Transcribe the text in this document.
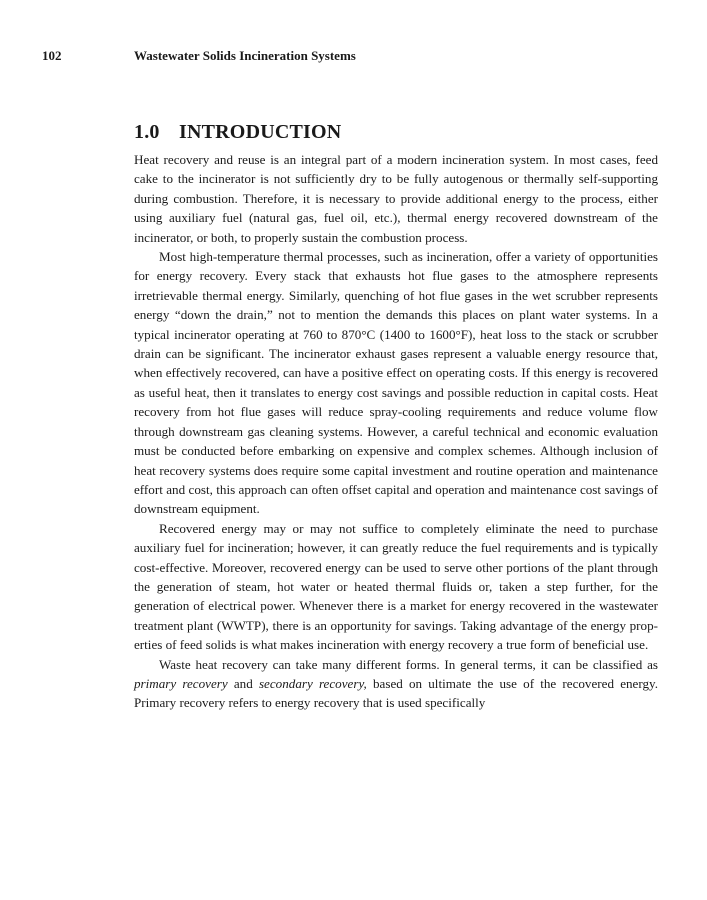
102	Wastewater Solids Incineration Systems
1.0 INTRODUCTION

Heat recovery and reuse is an integral part of a modern incineration system. In most cases, feed cake to the incinerator is not sufficiently dry to be fully autogenous or thermally self-supporting during combustion. Therefore, it is necessary to provide additional energy to the process, either using auxiliary fuel (natural gas, fuel oil, etc.), thermal energy recovered downstream of the incinerator, or both, to properly sustain the combustion process.

Most high-temperature thermal processes, such as incineration, offer a variety of opportunities for energy recovery. Every stack that exhausts hot flue gases to the atmosphere represents irretrievable thermal energy. Similarly, quenching of hot flue gases in the wet scrubber represents energy “down the drain,” not to mention the demands this places on plant water systems. In a typical incinerator operating at 760 to 870°C (1400 to 1600°F), heat loss to the stack or scrubber drain can be significant. The incinerator exhaust gases represent a valuable energy resource that, when effectively recovered, can have a positive effect on operating costs. If this energy is recovered as useful heat, then it translates to energy cost savings and possible reduction in capital costs. Heat recovery from hot flue gases will reduce spray-cooling requirements and reduce volume flow through downstream gas cleaning systems. However, a careful technical and economic evaluation must be conducted before embarking on expensive and complex schemes. Although inclusion of heat recovery systems does require some capital investment and routine operation and maintenance effort and cost, this approach can often offset capital and operation and maintenance cost savings of downstream equipment.

Recovered energy may or may not suffice to completely eliminate the need to purchase auxiliary fuel for incineration; however, it can greatly reduce the fuel requirements and is typically cost-effective. Moreover, recovered energy can be used to serve other portions of the plant through the generation of steam, hot water or heated thermal fluids or, taken a step further, for the generation of electrical power. Whenever there is a market for energy recovered in the wastewater treatment plant (WWTP), there is an opportunity for savings. Taking advantage of the energy properties of feed solids is what makes incineration with energy recovery a true form of beneficial use.

Waste heat recovery can take many different forms. In general terms, it can be classified as primary recovery and secondary recovery, based on ultimate the use of the recovered energy. Primary recovery refers to energy recovery that is used specifically
